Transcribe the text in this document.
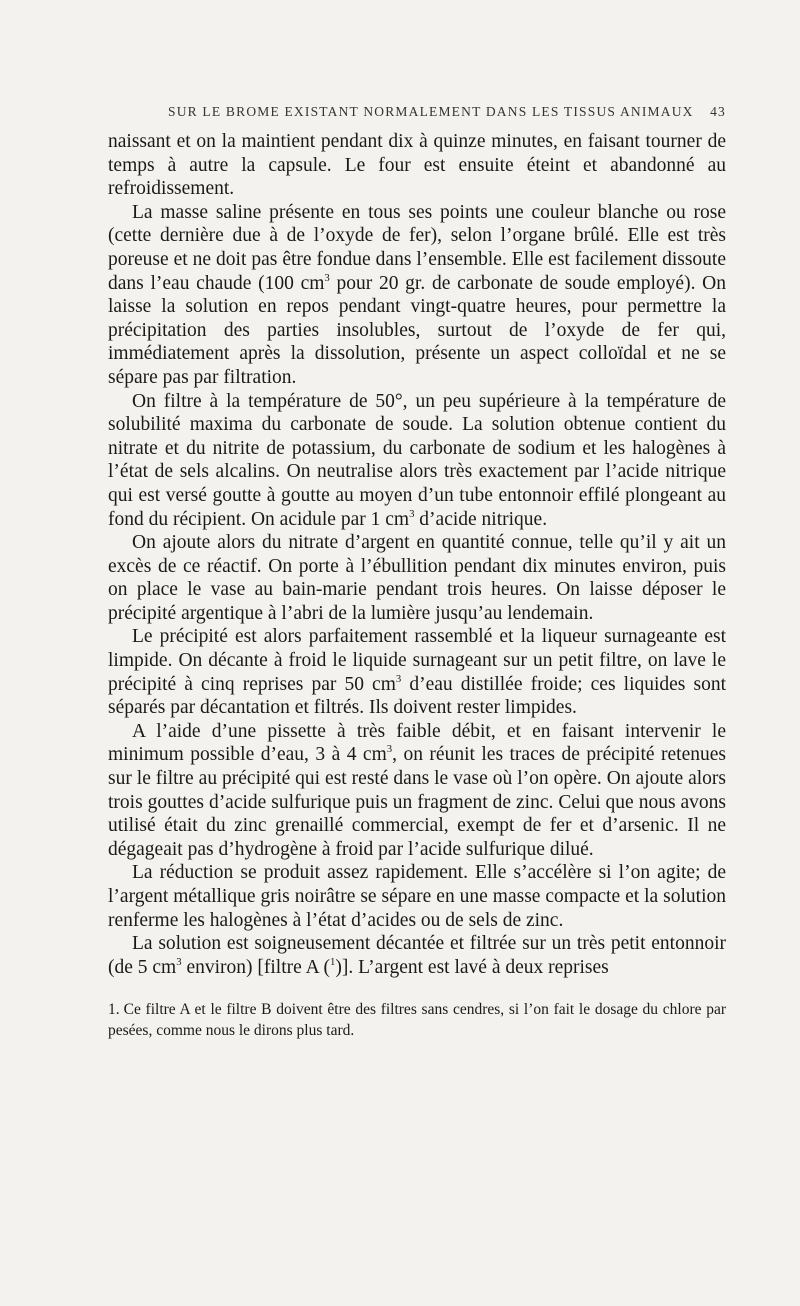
SUR LE BROME EXISTANT NORMALEMENT DANS LES TISSUS ANIMAUX 43

naissant et on la maintient pendant dix à quinze minutes, en faisant tourner de temps à autre la capsule. Le four est ensuite éteint et abandonné au refroidissement.

La masse saline présente en tous ses points une couleur blanche ou rose (cette dernière due à de l’oxyde de fer), selon l’organe brûlé. Elle est très poreuse et ne doit pas être fondue dans l’ensemble. Elle est facilement dissoute dans l’eau chaude (100 $cm^3$ pour 20 gr. de carbonate de soude employé). On laisse la solution en repos pendant vingt-quatre heures, pour permettre la précipitation des parties insolubles, surtout de l’oxyde de fer qui, immédiatement après la dissolution, présente un aspect colloïdal et ne se sépare pas par filtration.

On filtre à la température de 50°, un peu supérieure à la température de solubilité maxima du carbonate de soude. La solution obtenue contient du nitrate et du nitrite de potassium, du carbonate de sodium et les halogènes à l’état de sels alcalins. On neutralise alors très exactement par l’acide nitrique qui est versé goutte à goutte au moyen d’un tube entonnoir effilé plongeant au fond du récipient. On acidule par 1 $cm^3$ d’acide nitrique.

On ajoute alors du nitrate d’argent en quantité connue, telle qu’il y ait un excès de ce réactif. On porte à l’ébullition pendant dix minutes environ, puis on place le vase au bain-marie pendant trois heures. On laisse déposer le précipité argentique à l’abri de la lumière jusqu’au lendemain.

Le précipité est alors parfaitement rassemblé et la liqueur surnageante est limpide. On décante à froid le liquide surnageant sur un petit filtre, on lave le précipité à cinq reprises par 50 $cm^3$ d’eau distillée froide; ces liquides sont séparés par décantation et filtrés. Ils doivent rester limpides.

A l’aide d’une pissette à très faible débit, et en faisant intervenir le minimum possible d’eau, 3 à 4 $cm^3$, on réunit les traces de précipité retenues sur le filtre au précipité qui est resté dans le vase où l’on opère. On ajoute alors trois gouttes d’acide sulfurique puis un fragment de zinc. Celui que nous avons utilisé était du zinc grenaillé commercial, exempt de fer et d’arsenic. Il ne dégageait pas d’hydrogène à froid par l’acide sulfurique dilué.

La réduction se produit assez rapidement. Elle s’accélère si l’on agite; de l’argent métallique gris noirâtre se sépare en une masse compacte et la solution renferme les halogènes à l’état d’acides ou de sels de zinc.

La solution est soigneusement décantée et filtrée sur un très petit entonnoir (de 5 $cm^3$ environ) [filtre A ($^1$)]. L’argent est lavé à deux reprises

1. Ce filtre A et le filtre B doivent être des filtres sans cendres, si l’on fait le dosage du chlore par pesées, comme nous le dirons plus tard.
